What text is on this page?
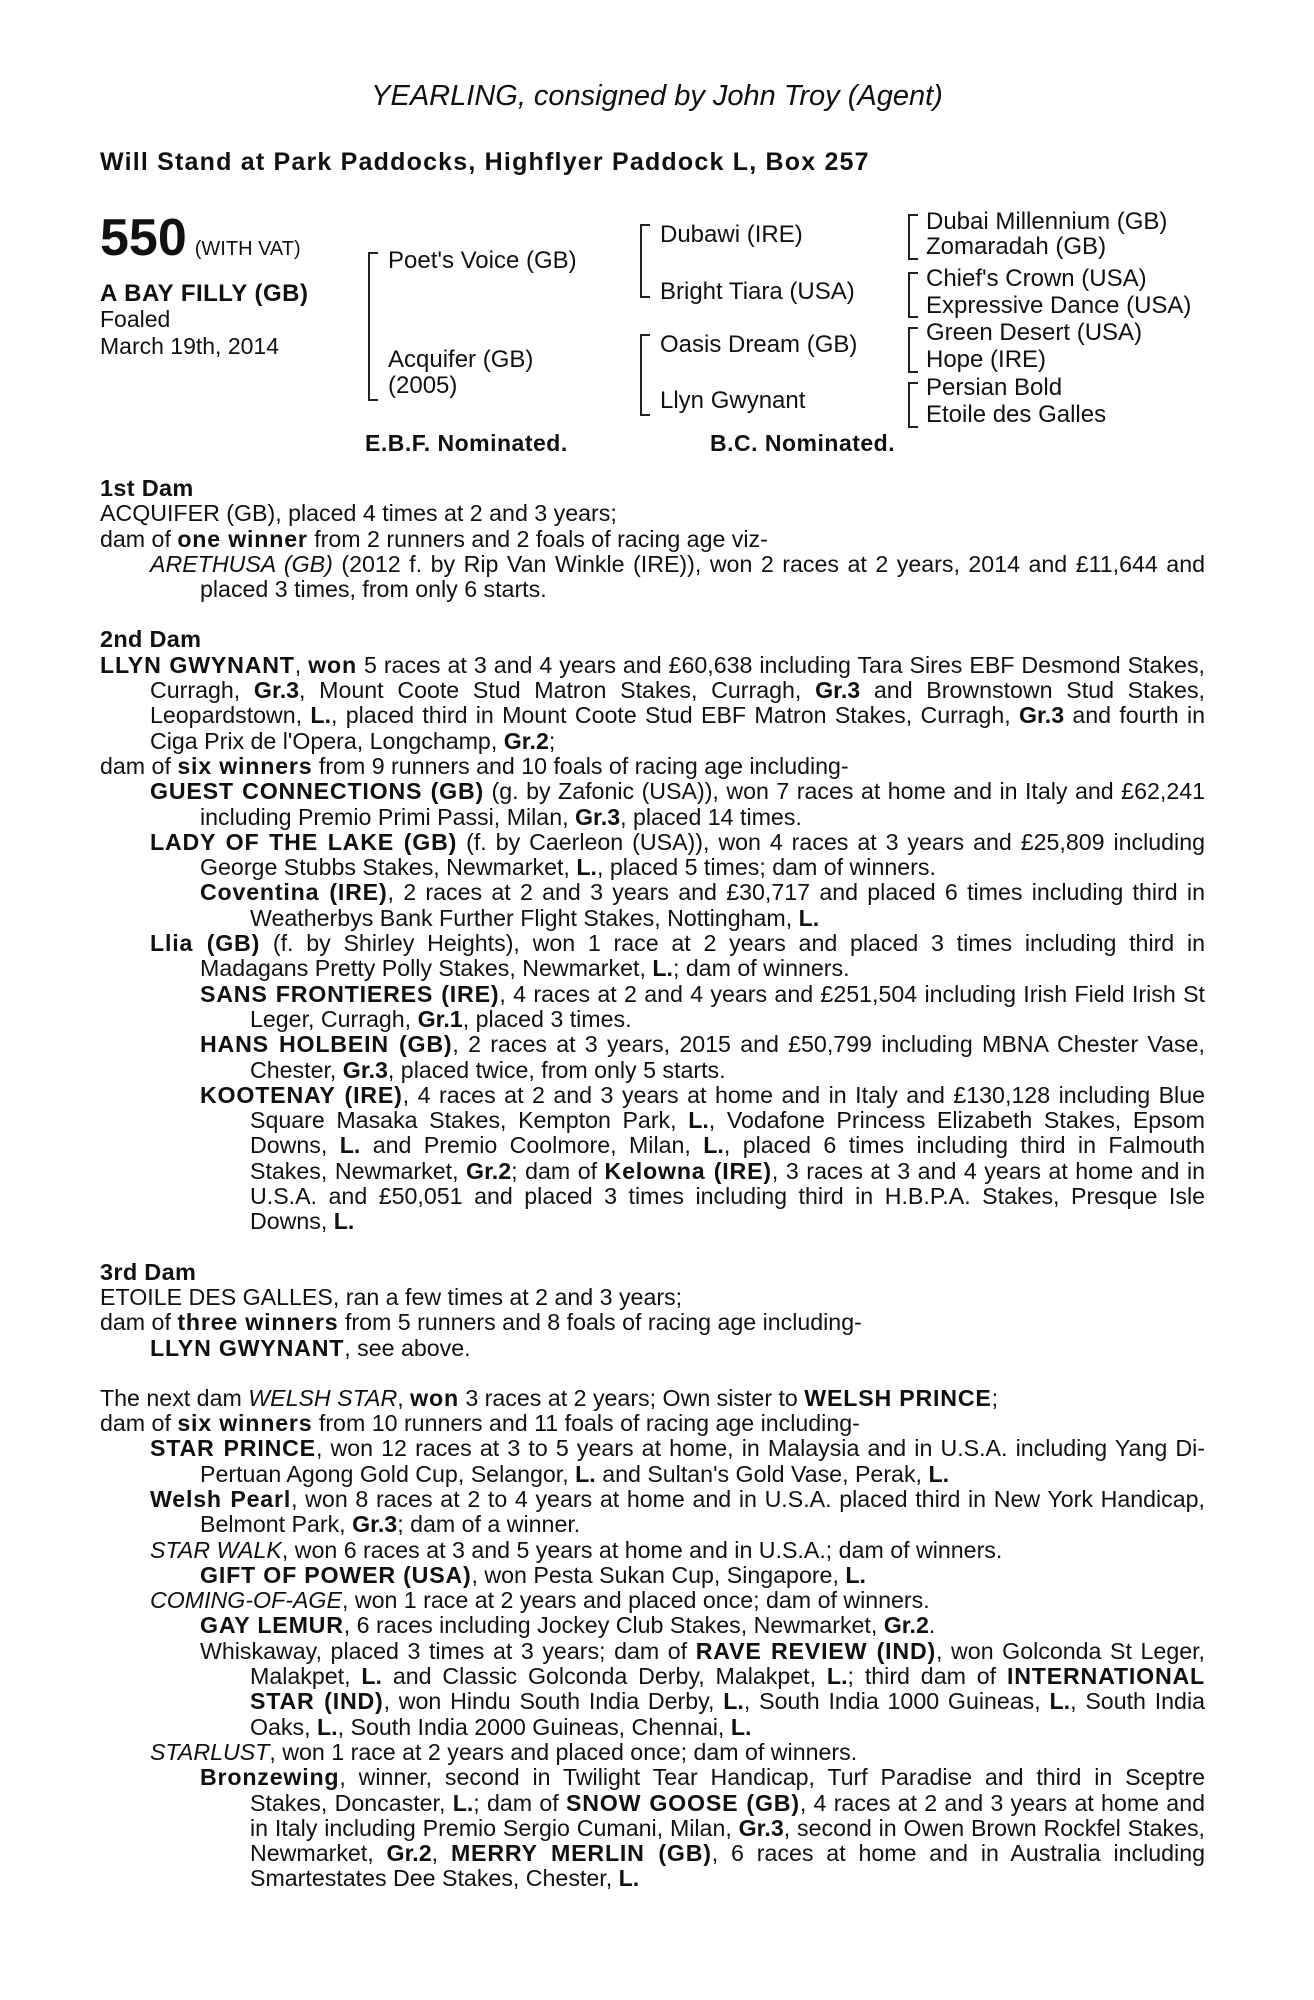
YEARLING, consigned by John Troy (Agent)
Will Stand at Park Paddocks, Highflyer Paddock L, Box 257
550 (WITH VAT)
A BAY FILLY (GB)
Foaled
March 19th, 2014
Poet's Voice (GB)
Acquifer (GB)
(2005)
Dubawi (IRE)
Bright Tiara (USA)
Oasis Dream (GB)
Llyn Gwynant
Dubai Millennium (GB)
Zomaradah (GB)
Chief's Crown (USA)
Expressive Dance (USA)
Green Desert (USA)
Hope (IRE)
Persian Bold
Etoile des Galles
E.B.F. Nominated.	B.C. Nominated.

1st Dam

ACQUIFER (GB), placed 4 times at 2 and 3 years;

dam of one winner from 2 runners and 2 foals of racing age viz-

ARETHUSA (GB) (2012 f. by Rip Van Winkle (IRE)), won 2 races at 2 years, 2014 and £11,644 and placed 3 times, from only 6 starts.

2nd Dam

LLYN GWYNANT, won 5 races at 3 and 4 years and £60,638 including Tara Sires EBF Desmond Stakes, Curragh, Gr.3, Mount Coote Stud Matron Stakes, Curragh, Gr.3 and Brownstown Stud Stakes, Leopardstown, L., placed third in Mount Coote Stud EBF Matron Stakes, Curragh, Gr.3 and fourth in Ciga Prix de l'Opera, Longchamp, Gr.2;

dam of six winners from 9 runners and 10 foals of racing age including-

GUEST CONNECTIONS (GB) (g. by Zafonic (USA)), won 7 races at home and in Italy and £62,241 including Premio Primi Passi, Milan, Gr.3, placed 14 times.

LADY OF THE LAKE (GB) (f. by Caerleon (USA)), won 4 races at 3 years and £25,809 including George Stubbs Stakes, Newmarket, L., placed 5 times; dam of winners.

Coventina (IRE), 2 races at 2 and 3 years and £30,717 and placed 6 times including third in Weatherbys Bank Further Flight Stakes, Nottingham, L.

Llia (GB) (f. by Shirley Heights), won 1 race at 2 years and placed 3 times including third in Madagans Pretty Polly Stakes, Newmarket, L.; dam of winners.

SANS FRONTIERES (IRE), 4 races at 2 and 4 years and £251,504 including Irish Field Irish St Leger, Curragh, Gr.1, placed 3 times.

HANS HOLBEIN (GB), 2 races at 3 years, 2015 and £50,799 including MBNA Chester Vase, Chester, Gr.3, placed twice, from only 5 starts.

KOOTENAY (IRE), 4 races at 2 and 3 years at home and in Italy and £130,128 including Blue Square Masaka Stakes, Kempton Park, L., Vodafone Princess Elizabeth Stakes, Epsom Downs, L. and Premio Coolmore, Milan, L., placed 6 times including third in Falmouth Stakes, Newmarket, Gr.2; dam of Kelowna (IRE), 3 races at 3 and 4 years at home and in U.S.A. and £50,051 and placed 3 times including third in H.B.P.A. Stakes, Presque Isle Downs, L.

3rd Dam

ETOILE DES GALLES, ran a few times at 2 and 3 years;

dam of three winners from 5 runners and 8 foals of racing age including-

LLYN GWYNANT, see above.

The next dam WELSH STAR, won 3 races at 2 years; Own sister to WELSH PRINCE;

dam of six winners from 10 runners and 11 foals of racing age including-

STAR PRINCE, won 12 races at 3 to 5 years at home, in Malaysia and in U.S.A. including Yang Di-Pertuan Agong Gold Cup, Selangor, L. and Sultan's Gold Vase, Perak, L.

Welsh Pearl, won 8 races at 2 to 4 years at home and in U.S.A. placed third in New York Handicap, Belmont Park, Gr.3; dam of a winner.

STAR WALK, won 6 races at 3 and 5 years at home and in U.S.A.; dam of winners.

GIFT OF POWER (USA), won Pesta Sukan Cup, Singapore, L.

COMING-OF-AGE, won 1 race at 2 years and placed once; dam of winners.

GAY LEMUR, 6 races including Jockey Club Stakes, Newmarket, Gr.2.

Whiskaway, placed 3 times at 3 years; dam of RAVE REVIEW (IND), won Golconda St Leger, Malakpet, L. and Classic Golconda Derby, Malakpet, L.; third dam of INTERNATIONAL STAR (IND), won Hindu South India Derby, L., South India 1000 Guineas, L., South India Oaks, L., South India 2000 Guineas, Chennai, L.

STARLUST, won 1 race at 2 years and placed once; dam of winners.

Bronzewing, winner, second in Twilight Tear Handicap, Turf Paradise and third in Sceptre Stakes, Doncaster, L.; dam of SNOW GOOSE (GB), 4 races at 2 and 3 years at home and in Italy including Premio Sergio Cumani, Milan, Gr.3, second in Owen Brown Rockfel Stakes, Newmarket, Gr.2, MERRY MERLIN (GB), 6 races at home and in Australia including Smartestates Dee Stakes, Chester, L.
